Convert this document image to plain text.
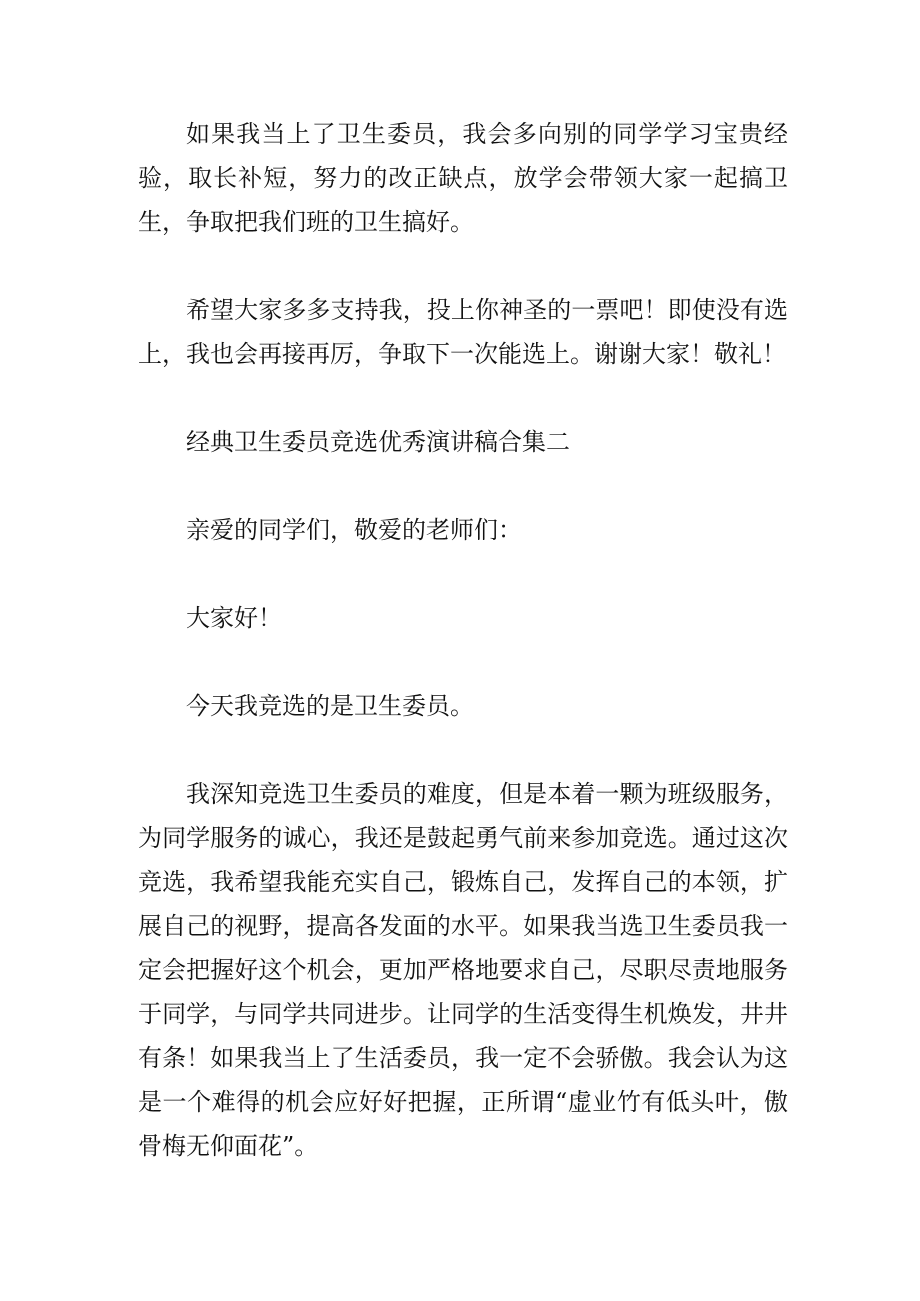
如果我当上了卫生委员，我会多向别的同学学习宝贵经验，取长补短，努力的改正缺点，放学会带领大家一起搞卫生，争取把我们班的卫生搞好。

希望大家多多支持我，投上你神圣的一票吧！即使没有选上，我也会再接再厉，争取下一次能选上。谢谢大家！敬礼！

经典卫生委员竞选优秀演讲稿合集二

亲爱的同学们，敬爱的老师们：

大家好！

今天我竞选的是卫生委员。

我深知竞选卫生委员的难度，但是本着一颗为班级服务，为同学服务的诚心，我还是鼓起勇气前来参加竞选。通过这次竞选，我希望我能充实自己，锻炼自己，发挥自己的本领，扩展自己的视野，提高各发面的水平。如果我当选卫生委员我一定会把握好这个机会，更加严格地要求自己，尽职尽责地服务于同学，与同学共同进步。让同学的生活变得生机焕发，井井有条！如果我当上了生活委员，我一定不会骄傲。我会认为这是一个难得的机会应好好把握，正所谓“虚业竹有低头叶，傲骨梅无仰面花”。
